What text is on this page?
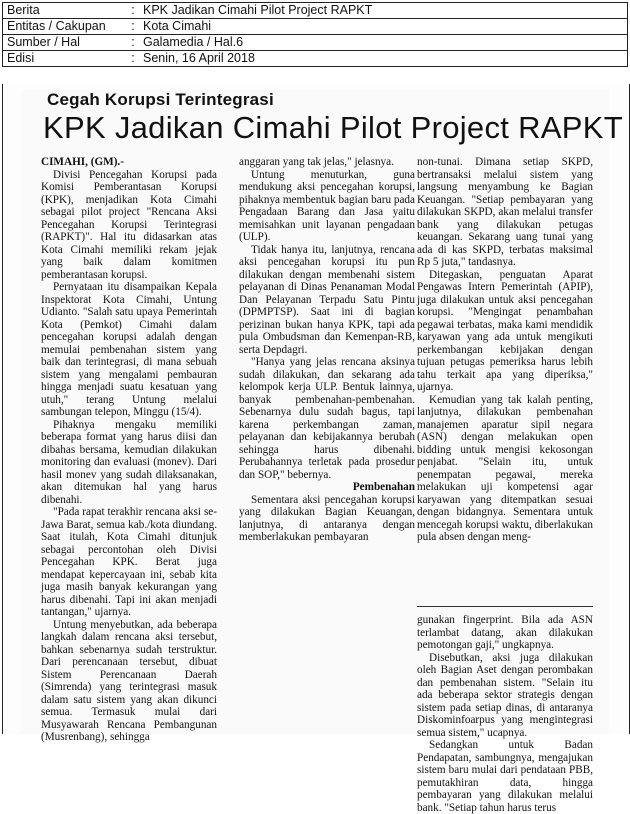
Berita	:	KPK Jadikan Cimahi Pilot Project RAPKT
Entitas / Cakupan	:	Kota Cimahi
Sumber / Hal	:	Galamedia / Hal.6
Edisi	:	Senin, 16 April 2018
Cegah Korupsi Terintegrasi
KPK Jadikan Cimahi Pilot Project RAPKT

CIMAHI, (GM).-

Divisi Pencegahan Korupsi pada Komisi Pemberantasan Korupsi (KPK), menjadikan Kota Cimahi sebagai pilot project "Rencana Aksi Pencegahan Korupsi Terintegrasi (RAPKT)". Hal itu didasarkan atas Kota Cimahi memiliki rekam jejak yang baik dalam komitmen pemberantasan korupsi.

Pernyataan itu disampaikan Kepala Inspektorat Kota Cimahi, Untung Udianto. "Salah satu upaya Pemerintah Kota (Pemkot) Cimahi dalam pencegahan korupsi adalah dengan memulai pembenahan sistem yang baik dan terintegrasi, di mana sebuah sistem yang mengalami pembauran hingga menjadi suatu kesatuan yang utuh," terang Untung melalui sambungan telepon, Minggu (15/4).

Pihaknya mengaku memiliki beberapa format yang harus diisi dan dibahas bersama, kemudian dilakukan monitoring dan evaluasi (monev). Dari hasil monev yang sudah dilaksanakan, akan ditemukan hal yang harus dibenahi.

"Pada rapat terakhir rencana aksi se-Jawa Barat, semua kab./kota diundang. Saat itulah, Kota Cimahi ditunjuk sebagai percontohan oleh Divisi Pencegahan KPK. Berat juga mendapat kepercayaan ini, sebab kita juga masih banyak kekurangan yang harus dibenahi. Tapi ini akan menjadi tantangan," ujarnya.

Untung menyebutkan, ada beberapa langkah dalam rencana aksi tersebut, bahkan sebenarnya sudah terstruktur. Dari perencanaan tersebut, dibuat Sistem Perencanaan Daerah (Simrenda) yang terintegrasi masuk dalam satu sistem yang akan dikunci semua. Termasuk mulai dari Musyawarah Rencana Pembangunan (Musrenbang), sehingga

anggaran yang tak jelas," jelasnya.

Untung menuturkan, guna mendukung aksi pencegahan korupsi, pihaknya membentuk bagian baru pada Pengadaan Barang dan Jasa yaitu memisahkan unit layanan pengadaan (ULP).

Tidak hanya itu, lanjutnya, rencana aksi pencegahan korupsi itu pun dilakukan dengan membenahi sistem pelayanan di Dinas Penanaman Modal Dan Pelayanan Terpadu Satu Pintu (DPMPTSP). Saat ini di bagian perizinan bukan hanya KPK, tapi ada pula Ombudsman dan Kemenpan-RB, serta Depdagri.

"Hanya yang jelas rencana aksinya sudah dilakukan, dan sekarang ada kelompok kerja ULP. Bentuk lainnya, banyak pembenahan-pembenahan. Sebenarnya dulu sudah bagus, tapi karena perkembangan zaman, pelayanan dan kebijakannya berubah sehingga harus dibenahi. Perubahannya terletak pada prosedur dan SOP," bebernya.

Pembenahan

Sementara aksi pencegahan korupsi yang dilakukan Bagian Keuangan, lanjutnya, di antaranya dengan memberlakukan pembayaran

non-tunai. Dimana setiap SKPD, bertransaksi melalui sistem yang langsung menyambung ke Bagian Keuangan. "Setiap pembayaran yang dilakukan SKPD, akan melalui transfer bank yang dilakukan petugas keuangan. Sekarang uang tunai yang ada di kas SKPD, terbatas maksimal Rp 5 juta," tandasnya.

Ditegaskan, penguatan Aparat Pengawas Intern Pemerintah (APIP), juga dilakukan untuk aksi pencegahan korupsi. "Mengingat penambahan pegawai terbatas, maka kami mendidik karyawan yang ada untuk mengikuti perkembangan kebijakan dengan tujuan petugas pemeriksa harus lebih tahu terkait apa yang diperiksa," ujarnya.

Kemudian yang tak kalah penting, lanjutnya, dilakukan pembenahan manajemen aparatur sipil negara (ASN) dengan melakukan open bidding untuk mengisi kekosongan penjabat. "Selain itu, untuk penempatan pegawai, mereka melakukan uji kompetensi agar karyawan yang ditempatkan sesuai dengan bidangnya. Sementara untuk mencegah korupsi waktu, diberlakukan pula absen dengan meng-

gunakan fingerprint. Bila ada ASN terlambat datang, akan dilakukan pemotongan gaji," ungkapnya.

Disebutkan, aksi juga dilakukan oleh Bagian Aset dengan perombakan dan pembenahan sistem. "Selain itu ada beberapa sektor strategis dengan sistem pada setiap dinas, di antaranya Diskominfoarpus yang mengintegrasi semua sistem," ucapnya.

Sedangkan untuk Badan Pendapatan, sambungnya, mengajukan sistem baru mulai dari pendataan PBB, pemutakhiran data, hingga pembayaran yang dilakukan melalui bank. "Setiap tahun harus terus
